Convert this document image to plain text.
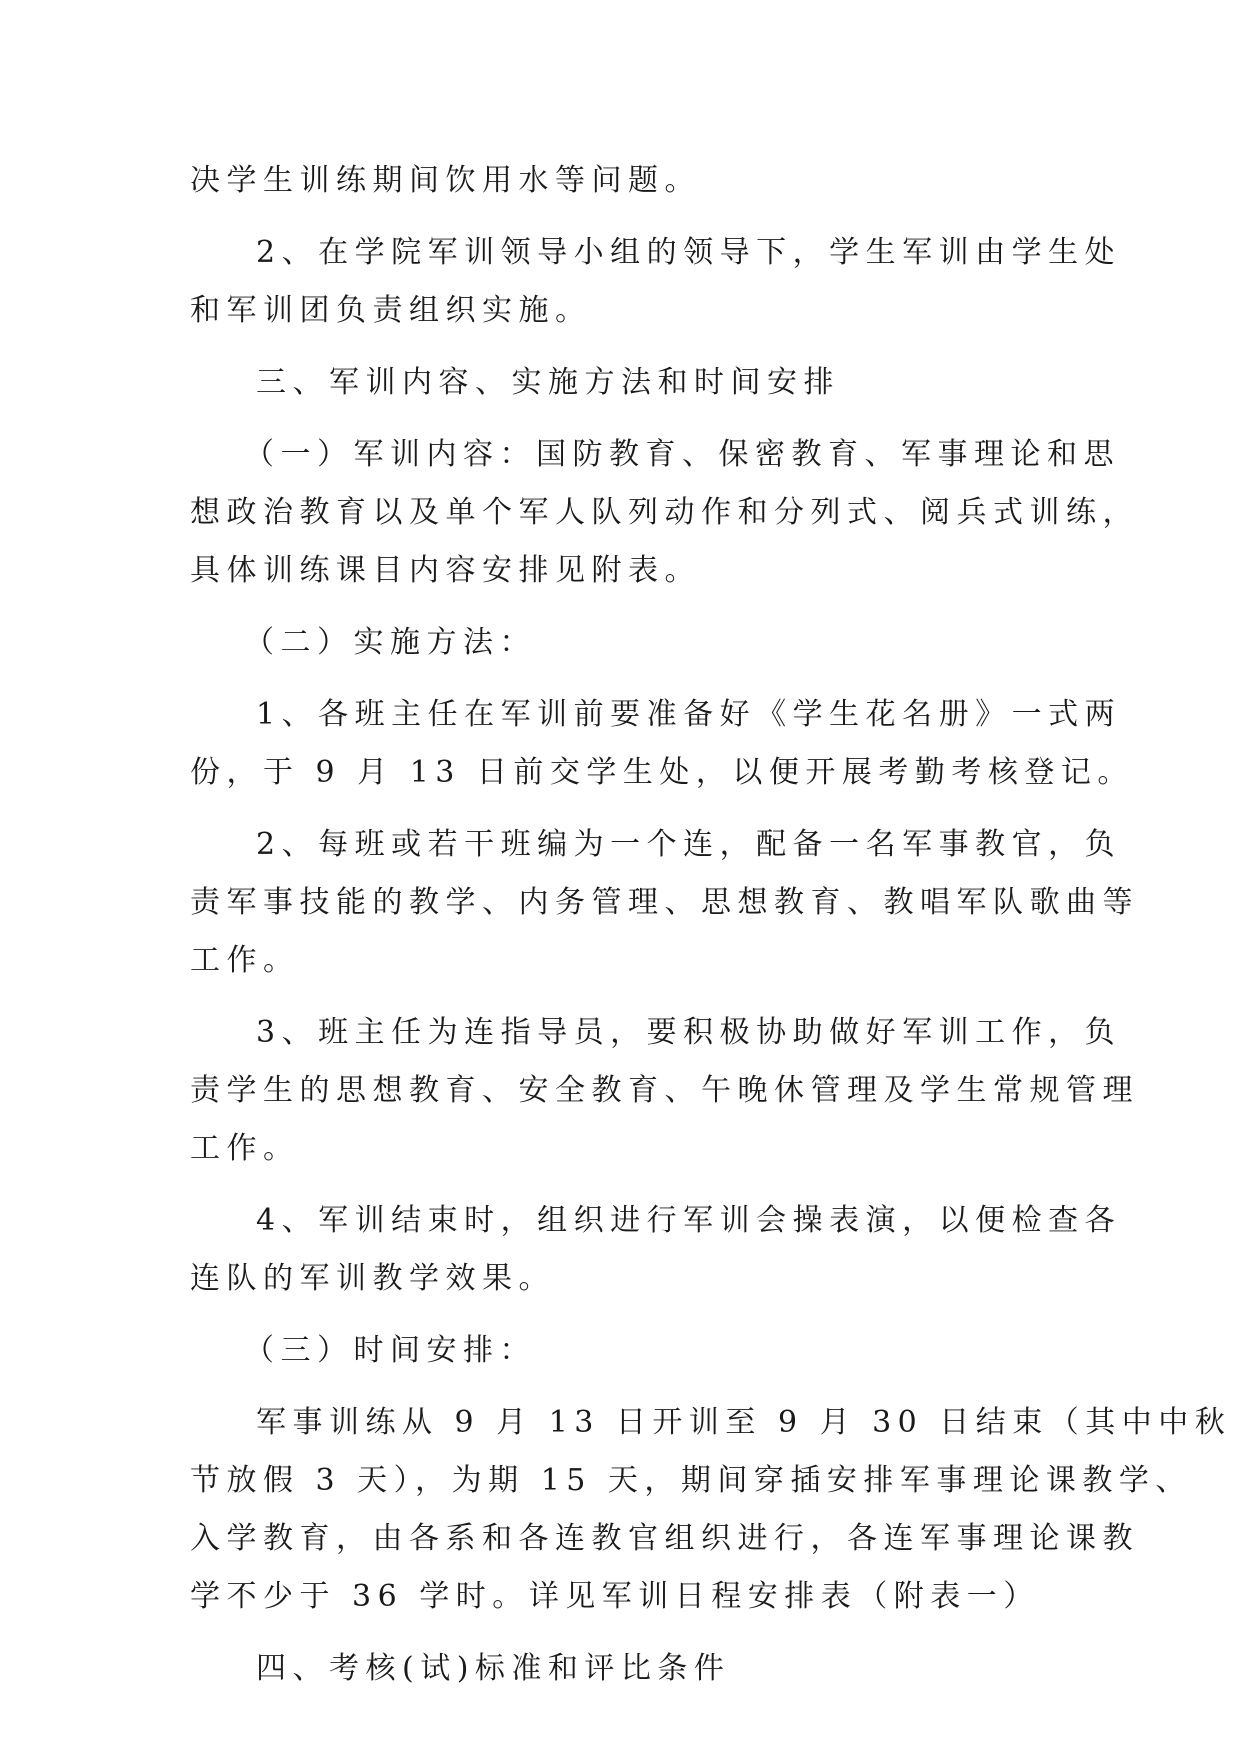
决学生训练期间饮用水等问题。
2、在学院军训领导小组的领导下，学生军训由学生处
和军训团负责组织实施。
三、军训内容、实施方法和时间安排
（一）军训内容：国防教育、保密教育、军事理论和思
想政治教育以及单个军人队列动作和分列式、阅兵式训练，
具体训练课目内容安排见附表。
（二）实施方法：
1、各班主任在军训前要准备好《学生花名册》一式两
份，于 9 月 13 日前交学生处，以便开展考勤考核登记。
2、每班或若干班编为一个连，配备一名军事教官，负
责军事技能的教学、内务管理、思想教育、教唱军队歌曲等
工作。
3、班主任为连指导员，要积极协助做好军训工作，负
责学生的思想教育、安全教育、午晚休管理及学生常规管理
工作。
4、军训结束时，组织进行军训会操表演，以便检查各
连队的军训教学效果。
（三）时间安排：
军事训练从 9 月 13 日开训至 9 月 30 日结束（其中中秋
节放假 3 天），为期 15 天，期间穿插安排军事理论课教学、
入学教育，由各系和各连教官组织进行，各连军事理论课教
学不少于 36 学时。详见军训日程安排表（附表一）
四、考核(试)标准和评比条件
